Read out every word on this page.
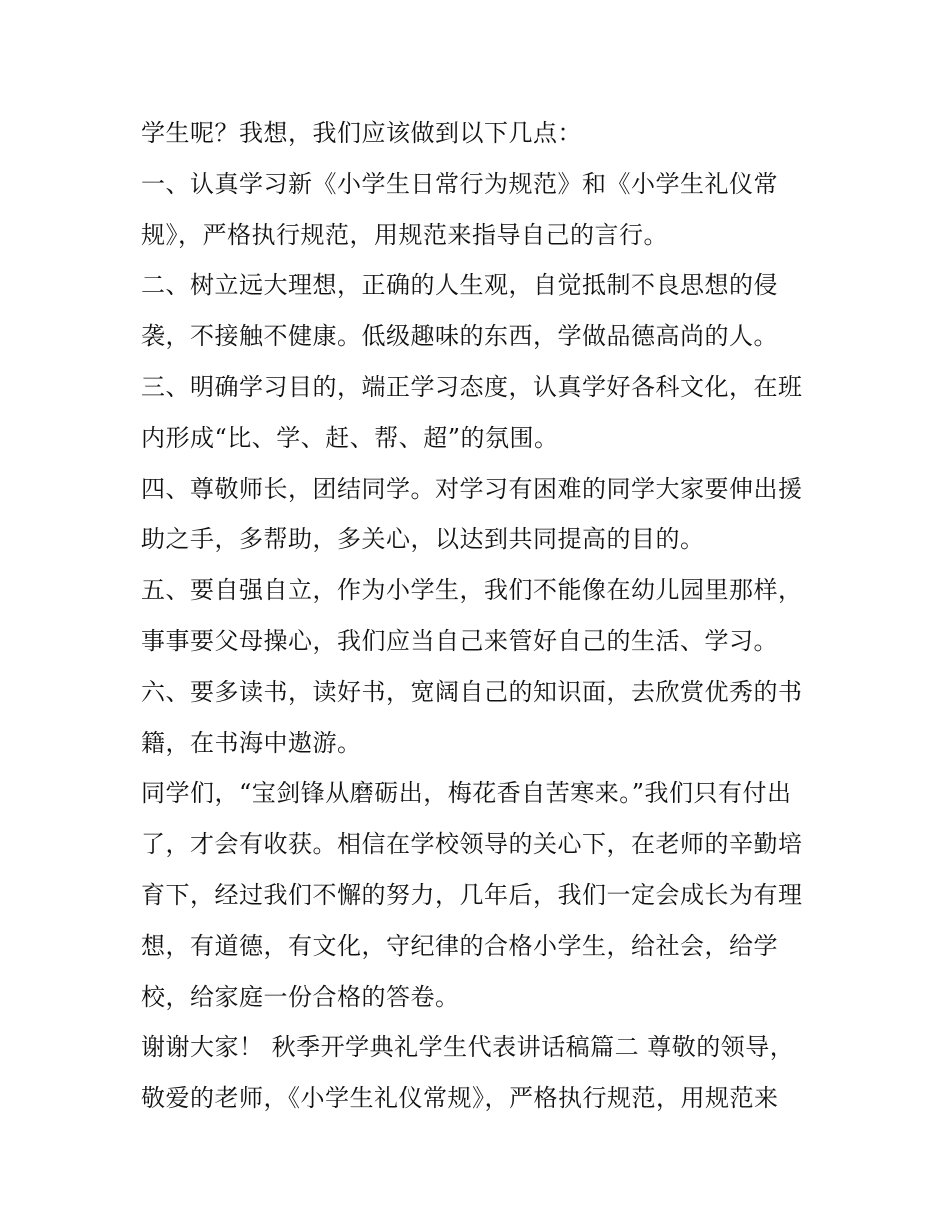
学生呢？我想，我们应该做到以下几点：
一、认真学习新《小学生日常行为规范》和《小学生礼仪常
规》，严格执行规范，用规范来指导自己的言行。
二、树立远大理想，正确的人生观，自觉抵制不良思想的侵
袭，不接触不健康。低级趣味的东西，学做品德高尚的人。
三、明确学习目的，端正学习态度，认真学好各科文化，在班
内形成“比、学、赶、帮、超”的氛围。
四、尊敬师长，团结同学。对学习有困难的同学大家要伸出援
助之手，多帮助，多关心，以达到共同提高的目的。
五、要自强自立，作为小学生，我们不能像在幼儿园里那样，
事事要父母操心，我们应当自己来管好自己的生活、学习。
六、要多读书，读好书，宽阔自己的知识面，去欣赏优秀的书
籍，在书海中遨游。
同学们，“宝剑锋从磨砺出，梅花香自苦寒来。”我们只有付出
了，才会有收获。相信在学校领导的关心下，在老师的辛勤培
育下，经过我们不懈的努力，几年后，我们一定会成长为有理
想，有道德，有文化，守纪律的合格小学生，给社会，给学
校，给家庭一份合格的答卷。
谢谢大家！ 秋季开学典礼学生代表讲话稿篇二 尊敬的领导，
敬爱的老师，《小学生礼仪常规》，严格执行规范，用规范来
